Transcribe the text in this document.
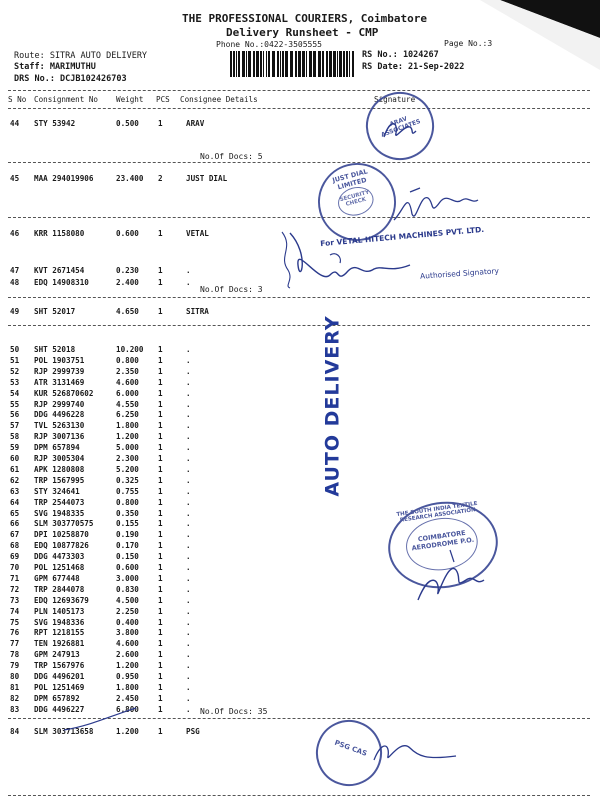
THE PROFESSIONAL COURIERS, Coimbatore
Delivery Runsheet - CMP
Phone No.:0422-3505555	Page No.:3
Route: SITRA AUTO DELIVERY
Staff: MARIMUTHU
DRS No.: DCJB102426703
RS No.: 1024267
RS Date: 21-Sep-2022
S No Consignment No Weight PCS Consignee Details	Signature
44 STY 53942	0.500	1	ARAV
45 MAA 294019906	23.400 2	JUST DIAL
46 KRR 1158080	0.600	1	VETAL
47 KVT 2671454	0.230	1	.
48 EDQ 14908310	2.400	1	.
49 SHT 52017	4.650	1	SITRA
50 SHT 52018	10.200 1	.
51 POL 1903751	0.800	1	.
52 RJP 2999739	2.350	1	.
53 ATR 3131469	4.600	1	.
54 KUR 526870602	6.000	1	.
55 RJP 2999740	4.550	1	.
56 DDG 4496228	6.250	1	.
57 TVL 5263130	1.800	1	.
58 RJP 3007136	1.200	1	.
59 DPM 657894	5.000	1	.
60 RJP 3005304	2.300	1	.
61 APK 1280808	5.200	1	.
62 TRP 1567995	0.325	1	.
63 STY 324641	0.755	1	.
64 TRP 2544073	0.800	1	.
65 SVG 1948335	0.350	1	.
66 SLM 303770575	0.155	1	.
67 DPI 10258870	0.190	1	.
68 EDQ 10877826	0.170	1	.
69 DDG 4473303	0.150	1	.
70 POL 1251468	0.600	1	.
71 GPM 677448	3.000	1	.
72 TRP 2844078	0.830	1	.
73 EDQ 12693679	4.500	1	.
74 PLN 1405173	2.250	1	.
75 SVG 1948336	0.400	1	.
76 RPT 1218155	3.800	1	.
77 TEN 1926881	4.600	1	.
78 GPM 247913	2.600	1	.
79 TRP 1567976	1.200	1	.
80 DDG 4496201	0.950	1	.
81 POL 1251469	1.800	1	.
82 DPM 657892	2.450	1	.
83 DDG 4496227	6.800	1	.
84 SLM 303713658	1.200	1	PSG
No.Of Docs: 5
No.Of Docs: 3
No.Of Docs: 35
ARAV ASSOCIATES
JUST DIAL LIMITED
SECURITY CHECK
For VETAL HITECH MACHINES PVT. LTD.
Authorised Signatory
AUTO DELIVERY
THE SOUTH INDIA TEXTILE RESEARCH ASSOCIATION
COIMBATORE
AERODROME P.O.
PSG CAS
